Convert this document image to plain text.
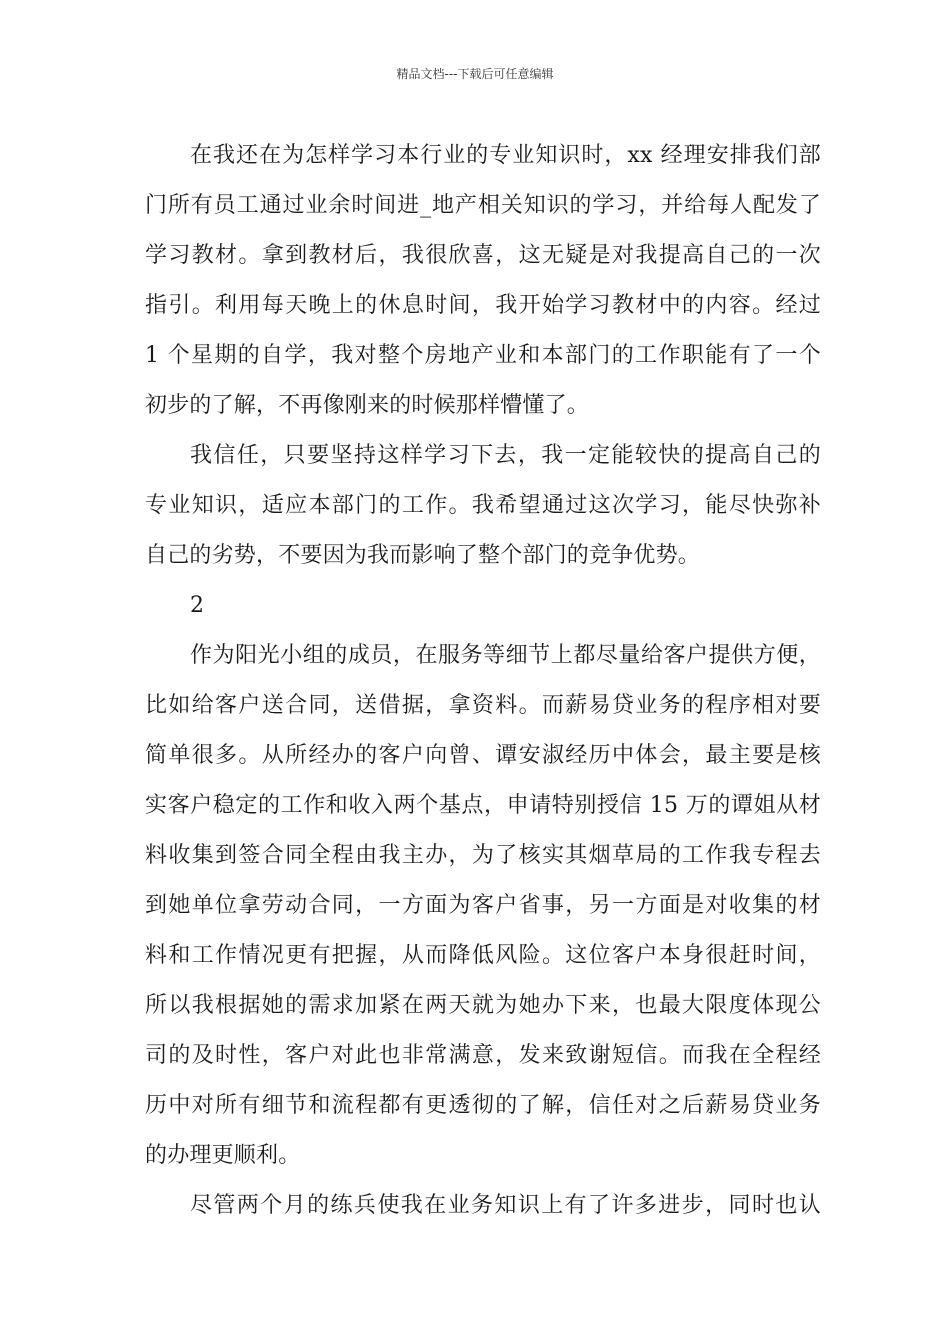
精品文档---下载后可任意编辑
在我还在为怎样学习本行业的专业知识时，xx 经理安排我们部
门所有员工通过业余时间进_地产相关知识的学习，并给每人配发了
学习教材。拿到教材后，我很欣喜，这无疑是对我提高自己的一次
指引。利用每天晚上的休息时间，我开始学习教材中的内容。经过
1 个星期的自学，我对整个房地产业和本部门的工作职能有了一个
初步的了解，不再像刚来的时候那样懵懂了。
我信任，只要坚持这样学习下去，我一定能较快的提高自己的
专业知识，适应本部门的工作。我希望通过这次学习，能尽快弥补
自己的劣势，不要因为我而影响了整个部门的竞争优势。
2
作为阳光小组的成员，在服务等细节上都尽量给客户提供方便，
比如给客户送合同，送借据，拿资料。而薪易贷业务的程序相对要
简单很多。从所经办的客户向曾、谭安淑经历中体会，最主要是核
实客户稳定的工作和收入两个基点，申请特别授信 15 万的谭姐从材
料收集到签合同全程由我主办，为了核实其烟草局的工作我专程去
到她单位拿劳动合同，一方面为客户省事，另一方面是对收集的材
料和工作情况更有把握，从而降低风险。这位客户本身很赶时间，
所以我根据她的需求加紧在两天就为她办下来，也最大限度体现公
司的及时性，客户对此也非常满意，发来致谢短信。而我在全程经
历中对所有细节和流程都有更透彻的了解，信任对之后薪易贷业务
的办理更顺利。
尽管两个月的练兵使我在业务知识上有了许多进步，同时也认
